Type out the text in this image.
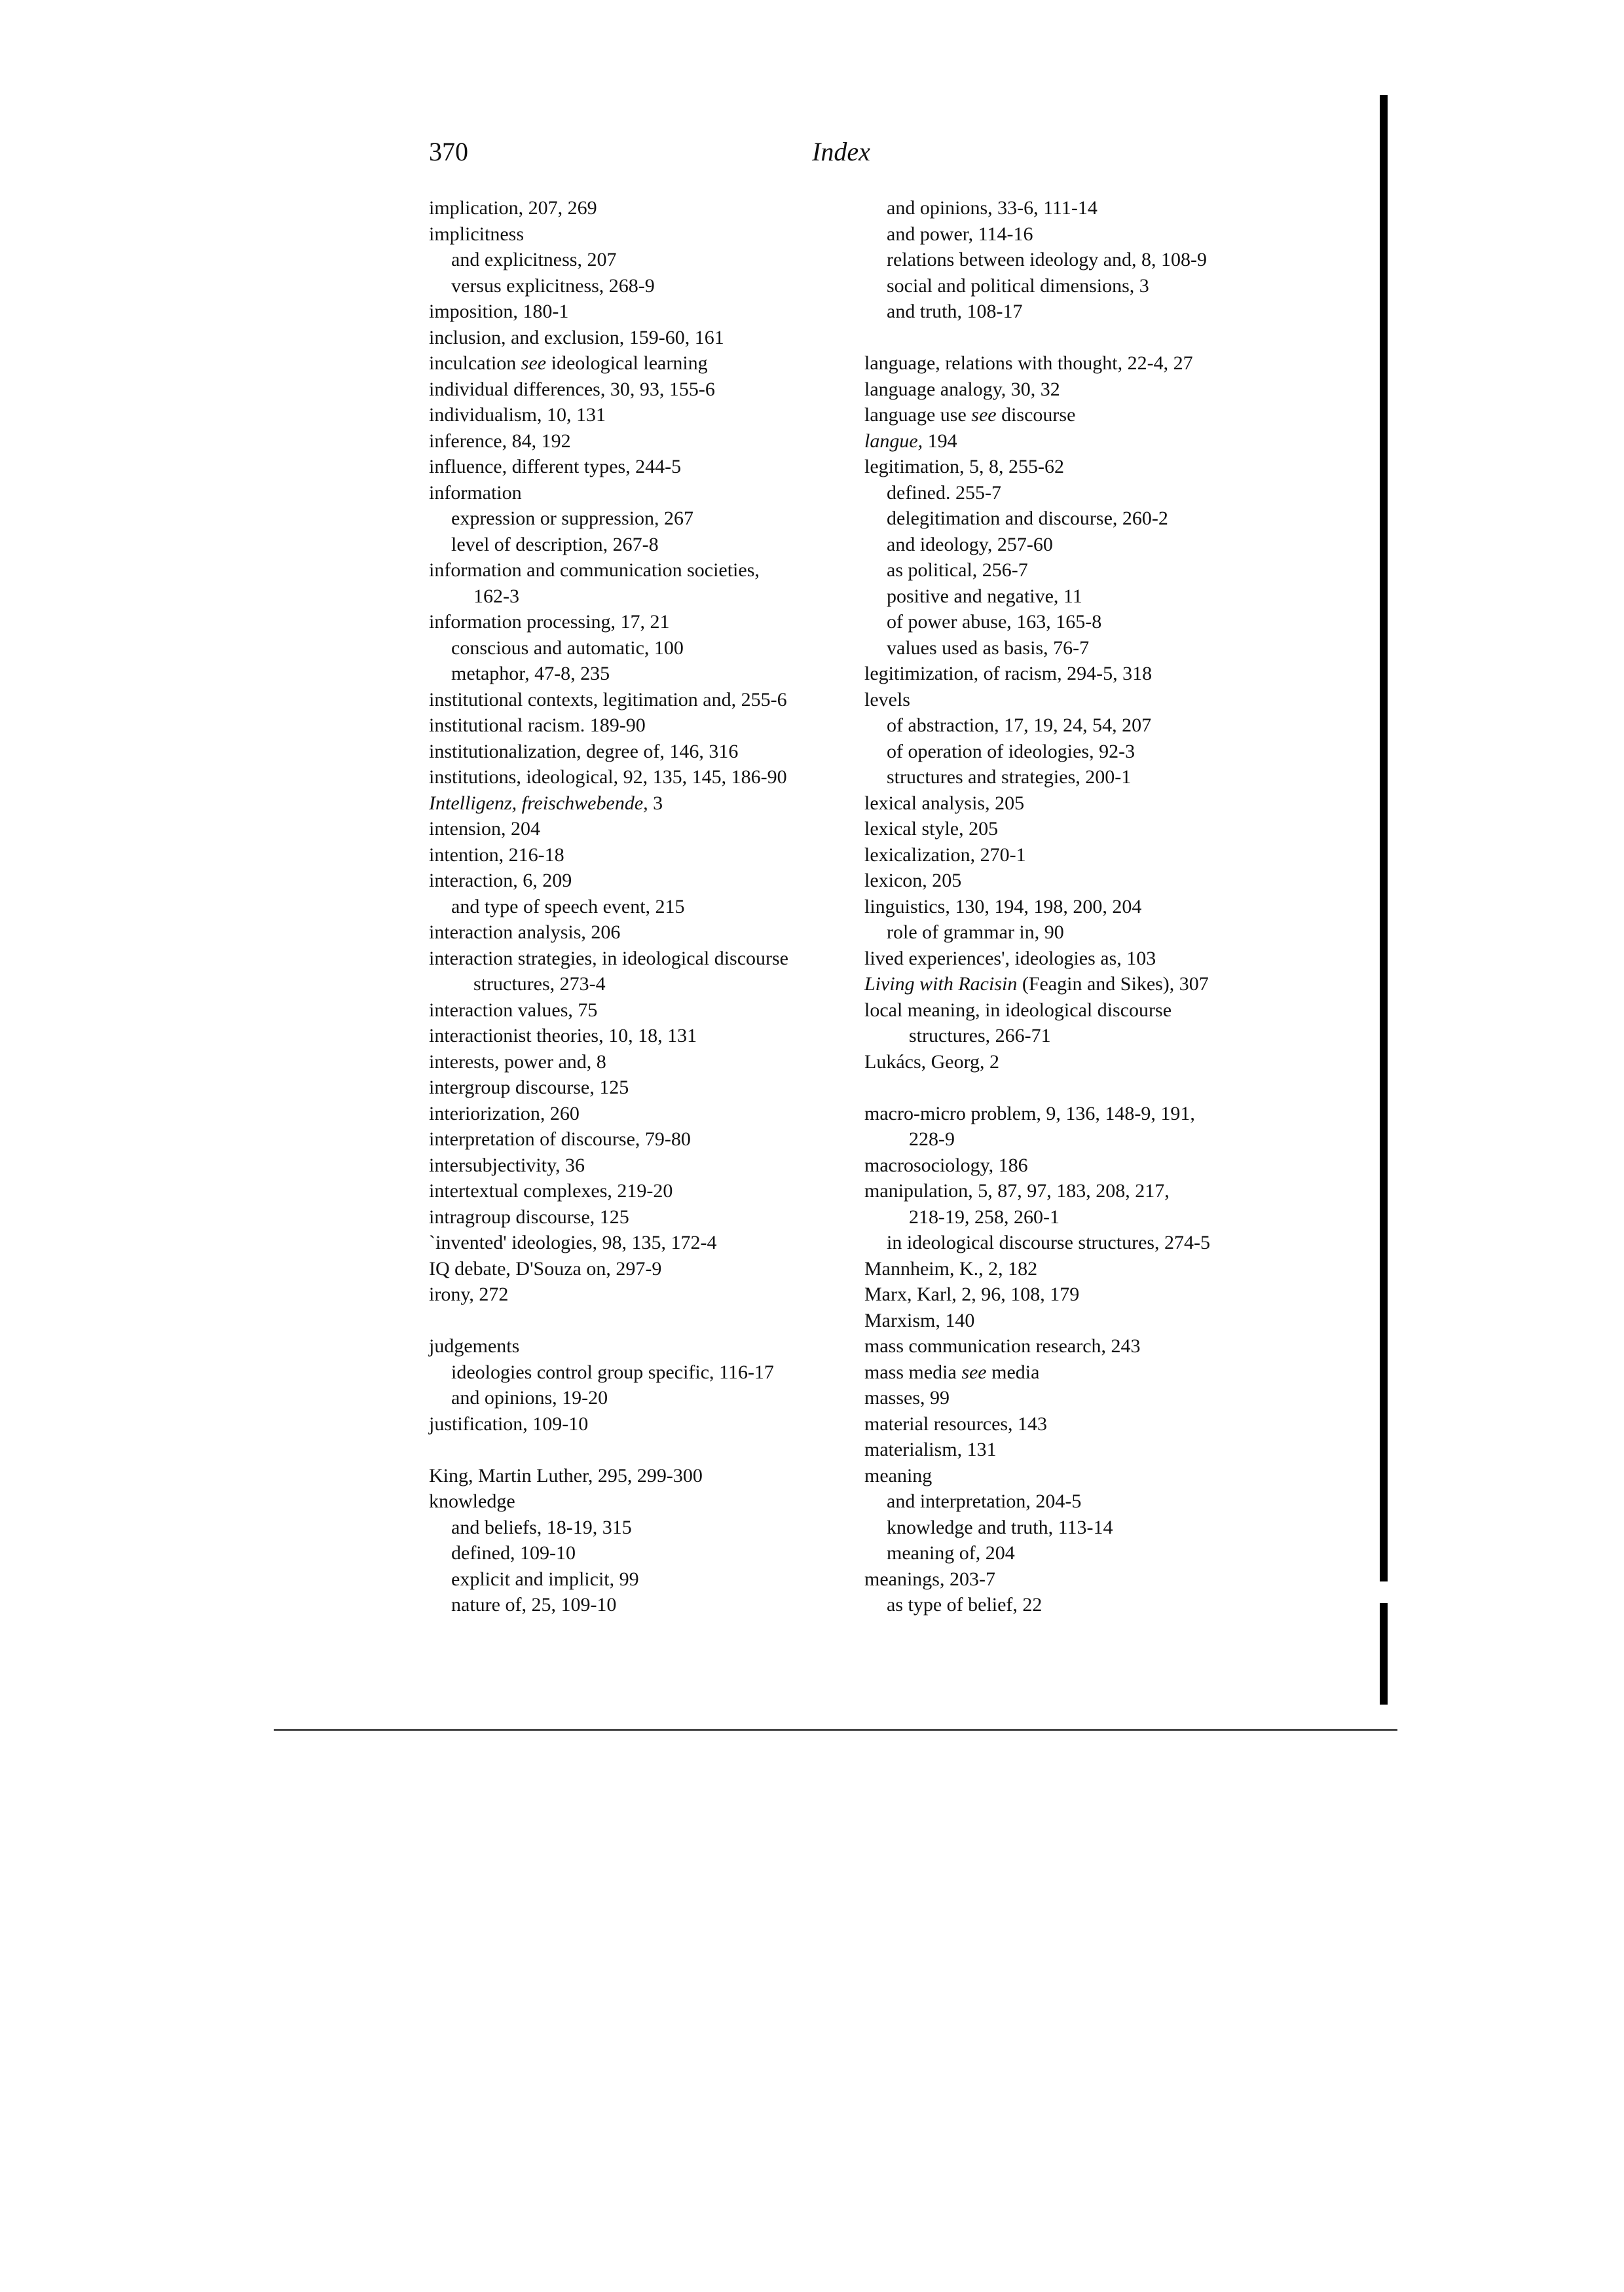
370	Index
implication, 207, 269
implicitness
and explicitness, 207
versus explicitness, 268-9
imposition, 180-1
inclusion, and exclusion, 159-60, 161
inculcation see ideological learning
individual differences, 30, 93, 155-6
individualism, 10, 131
inference, 84, 192
influence, different types, 244-5
information
expression or suppression, 267
level of description, 267-8
information and communication societies,
162-3
information processing, 17, 21
conscious and automatic, 100
metaphor, 47-8, 235
institutional contexts, legitimation and, 255-6
institutional racism. 189-90
institutionalization, degree of, 146, 316
institutions, ideological, 92, 135, 145, 186-90
Intelligenz, freischwebende, 3
intension, 204
intention, 216-18
interaction, 6, 209
and type of speech event, 215
interaction analysis, 206
interaction strategies, in ideological discourse
structures, 273-4
interaction values, 75
interactionist theories, 10, 18, 131
interests, power and, 8
intergroup discourse, 125
interiorization, 260
interpretation of discourse, 79-80
intersubjectivity, 36
intertextual complexes, 219-20
intragroup discourse, 125
`invented' ideologies, 98, 135, 172-4
IQ debate, D'Souza on, 297-9
irony, 272
judgements
ideologies control group specific, 116-17
and opinions, 19-20
justification, 109-10
King, Martin Luther, 295, 299-300
knowledge
and beliefs, 18-19, 315
defined, 109-10
explicit and implicit, 99
nature of, 25, 109-10
and opinions, 33-6, 111-14
and power, 114-16
relations between ideology and, 8, 108-9
social and political dimensions, 3
and truth, 108-17
language, relations with thought, 22-4, 27
language analogy, 30, 32
language use see discourse
langue, 194
legitimation, 5, 8, 255-62
defined. 255-7
delegitimation and discourse, 260-2
and ideology, 257-60
as political, 256-7
positive and negative, 11
of power abuse, 163, 165-8
values used as basis, 76-7
legitimization, of racism, 294-5, 318
levels
of abstraction, 17, 19, 24, 54, 207
of operation of ideologies, 92-3
structures and strategies, 200-1
lexical analysis, 205
lexical style, 205
lexicalization, 270-1
lexicon, 205
linguistics, 130, 194, 198, 200, 204
role of grammar in, 90
lived experiences', ideologies as, 103
Living with Racisin (Feagin and Sikes), 307
local meaning, in ideological discourse
structures, 266-71
Lukács, Georg, 2
macro-micro problem, 9, 136, 148-9, 191,
228-9
macrosociology, 186
manipulation, 5, 87, 97, 183, 208, 217,
218-19, 258, 260-1
in ideological discourse structures, 274-5
Mannheim, K., 2, 182
Marx, Karl, 2, 96, 108, 179
Marxism, 140
mass communication research, 243
mass media see media
masses, 99
material resources, 143
materialism, 131
meaning
and interpretation, 204-5
knowledge and truth, 113-14
meaning of, 204
meanings, 203-7
as type of belief, 22
